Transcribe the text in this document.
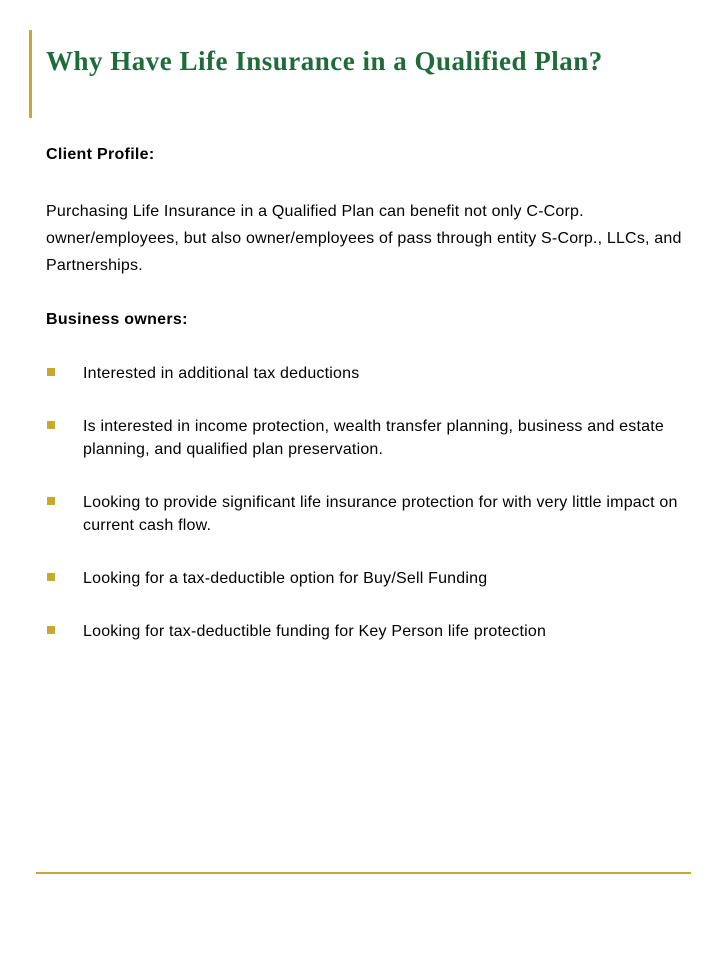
Why Have Life Insurance in a Qualified Plan?

Client Profile:

Purchasing Life Insurance in a Qualified Plan can benefit not only C-Corp. owner/employees, but also owner/employees of pass through entity S-Corp., LLCs, and Partnerships.

Business owners:

Interested in additional tax deductions
Is interested in income protection, wealth transfer planning, business and estate planning, and qualified plan preservation.
Looking to provide significant life insurance protection for with very little impact on current cash flow.
Looking for a tax-deductible option for Buy/Sell Funding
Looking for tax-deductible funding for Key Person life protection
